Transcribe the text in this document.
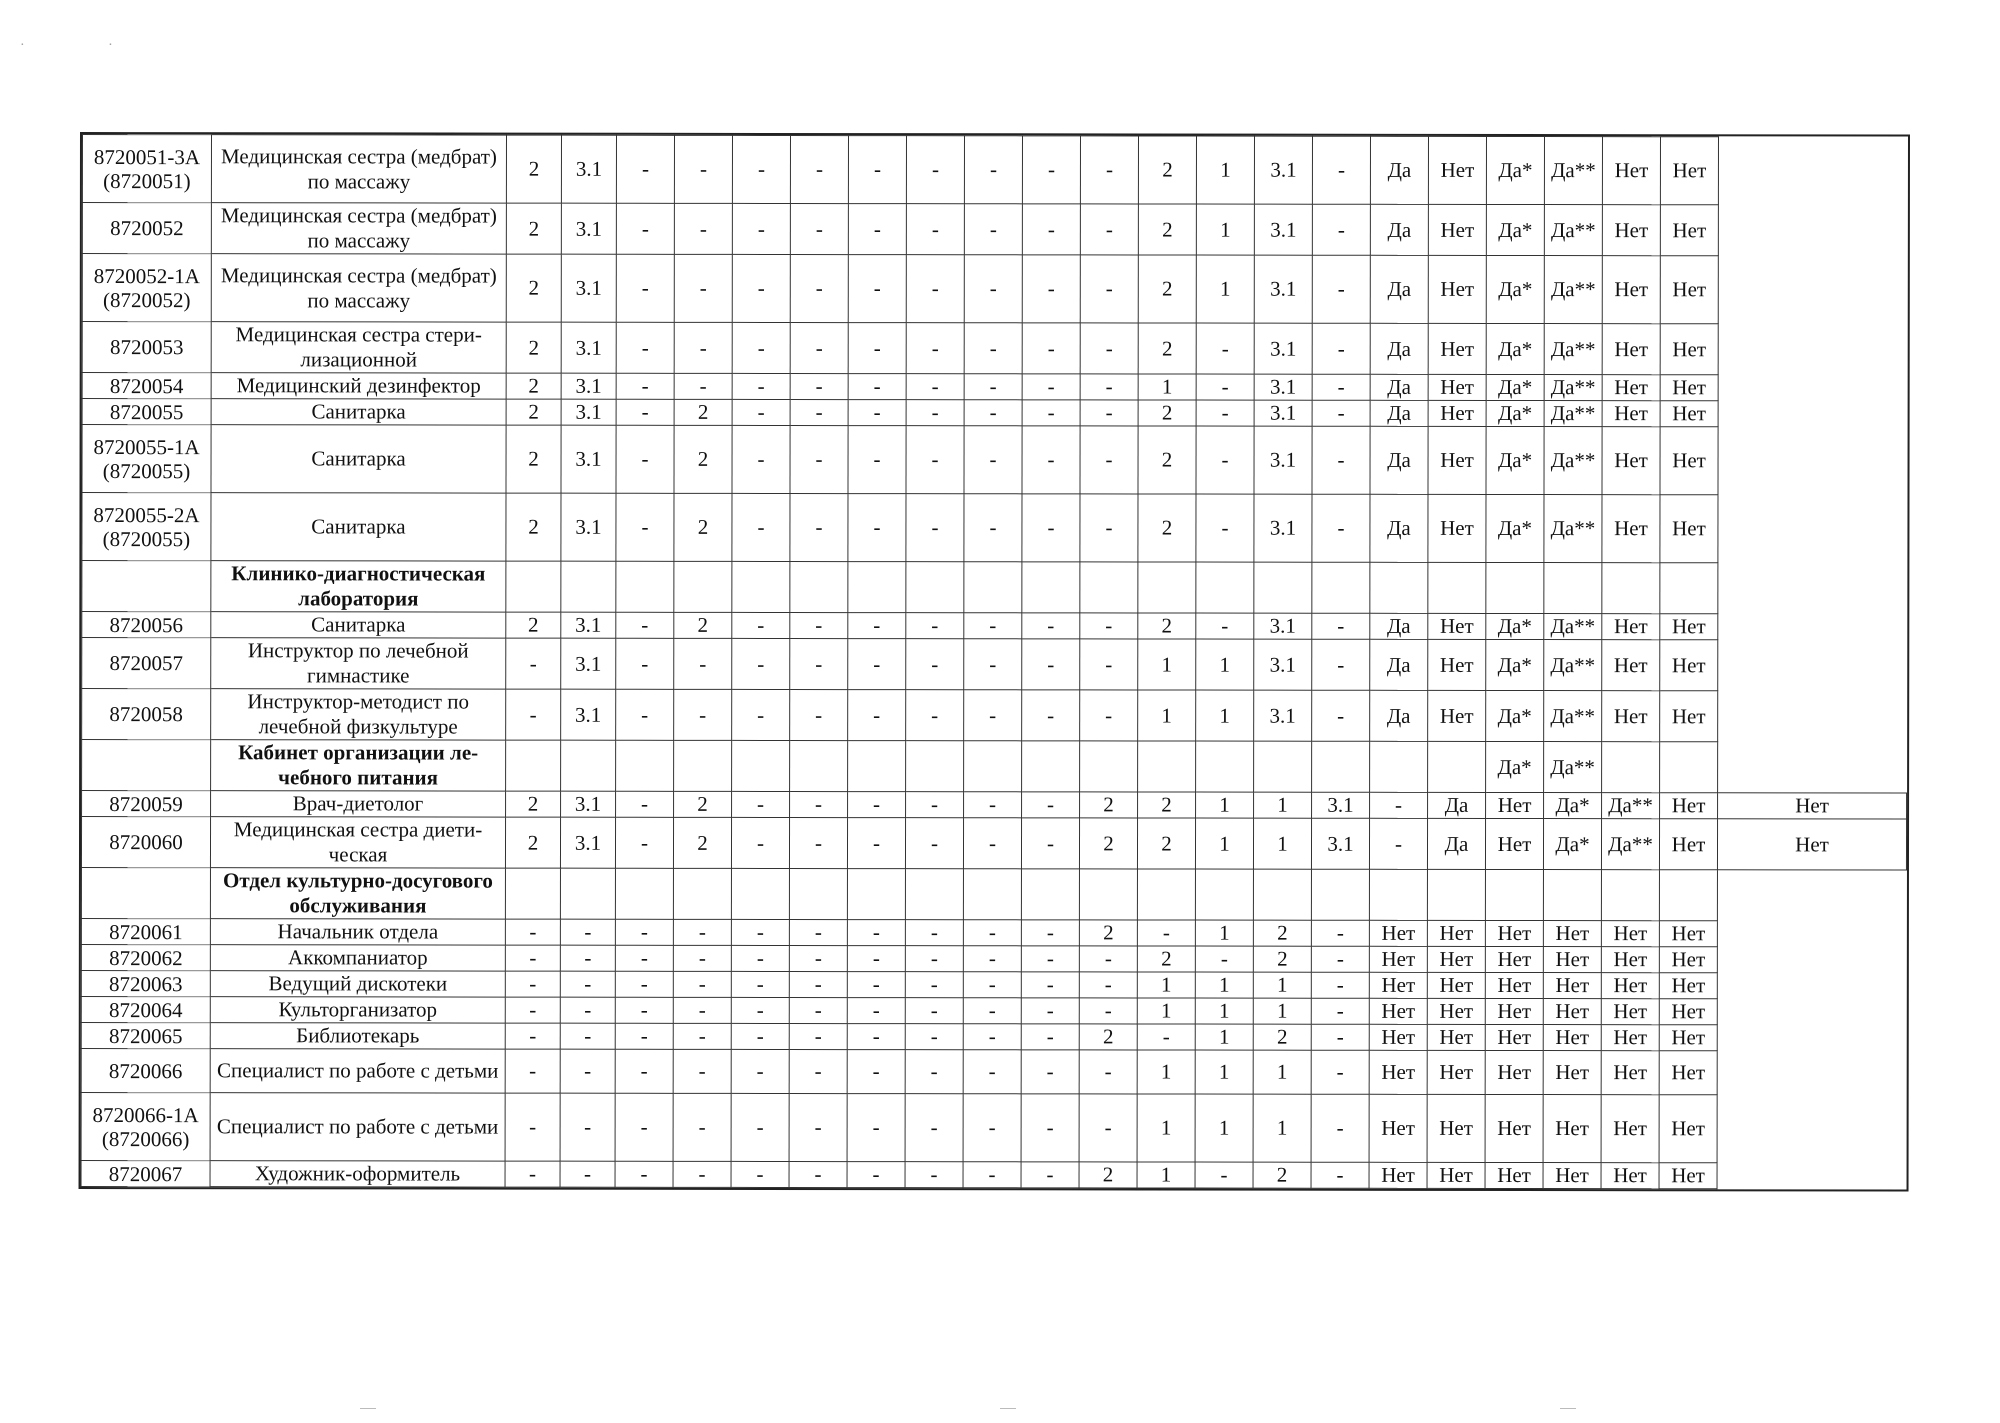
· ·
8720051-3А (8720051)	Медицинская сестра (медбрат) по массажу	2	3.1	-	-	-	-	-	-	-	-	-	2	1	3.1	-	Да	Нет	Да*	Да**	Нет	Нет	
8720052	Медицинская сестра (медбрат) по массажу	2	3.1	-	-	-	-	-	-	-	-	-	2	1	3.1	-	Да	Нет	Да*	Да**	Нет	Нет	
8720052-1А (8720052)	Медицинская сестра (медбрат) по массажу	2	3.1	-	-	-	-	-	-	-	-	-	2	1	3.1	-	Да	Нет	Да*	Да**	Нет	Нет	
8720053	Медицинская сестра стери-лизационной	2	3.1	-	-	-	-	-	-	-	-	-	2	-	3.1	-	Да	Нет	Да*	Да**	Нет	Нет	
8720054	Медицинский дезинфектор	2	3.1	-	-	-	-	-	-	-	-	-	1	-	3.1	-	Да	Нет	Да*	Да**	Нет	Нет	
8720055	Санитарка	2	3.1	-	2	-	-	-	-	-	-	-	2	-	3.1	-	Да	Нет	Да*	Да**	Нет	Нет	
8720055-1А (8720055)	Санитарка	2	3.1	-	2	-	-	-	-	-	-	-	2	-	3.1	-	Да	Нет	Да*	Да**	Нет	Нет	
8720055-2А (8720055)	Санитарка	2	3.1	-	2	-	-	-	-	-	-	-	2	-	3.1	-	Да	Нет	Да*	Да**	Нет	Нет	
	Клинико-диагностическая лаборатория																						
8720056	Санитарка	2	3.1	-	2	-	-	-	-	-	-	-	2	-	3.1	-	Да	Нет	Да*	Да**	Нет	Нет	
8720057	Инструктор по лечебной гимнастике	-	3.1	-	-	-	-	-	-	-	-	-	1	1	3.1	-	Да	Нет	Да*	Да**	Нет	Нет	
8720058	Инструктор-методист по лечебной физкультуре	-	3.1	-	-	-	-	-	-	-	-	-	1	1	3.1	-	Да	Нет	Да*	Да**	Нет	Нет	
	Кабинет организации ле-чебного питания																		Да*	Да**			
8720059	Врач-диетолог	2	3.1	-	2	-	-	-	-	-	-	2	2	1	1	3.1	-	Да	Нет	Да*	Да**	Нет	Нет
8720060	Медицинская сестра диети-ческая	2	3.1	-	2	-	-	-	-	-	-	2	2	1	1	3.1	-	Да	Нет	Да*	Да**	Нет	Нет
	Отдел культурно-досугового обслуживания																						
8720061	Начальник отдела	-	-	-	-	-	-	-	-	-	-	2	-	1	2	-	Нет	Нет	Нет	Нет	Нет	Нет	
8720062	Аккомпаниатор	-	-	-	-	-	-	-	-	-	-	-	2	-	2	-	Нет	Нет	Нет	Нет	Нет	Нет	
8720063	Ведущий дискотеки	-	-	-	-	-	-	-	-	-	-	-	1	1	1	-	Нет	Нет	Нет	Нет	Нет	Нет	
8720064	Культорганизатор	-	-	-	-	-	-	-	-	-	-	-	1	1	1	-	Нет	Нет	Нет	Нет	Нет	Нет	
8720065	Библиотекарь	-	-	-	-	-	-	-	-	-	-	2	-	1	2	-	Нет	Нет	Нет	Нет	Нет	Нет	
8720066	Специалист по работе с детьми	-	-	-	-	-	-	-	-	-	-	-	1	1	1	-	Нет	Нет	Нет	Нет	Нет	Нет	
8720066-1А (8720066)	Специалист по работе с детьми	-	-	-	-	-	-	-	-	-	-	-	1	1	1	-	Нет	Нет	Нет	Нет	Нет	Нет	
8720067	Художник-оформитель	-	-	-	-	-	-	-	-	-	-	2	1	-	2	-	Нет	Нет	Нет	Нет	Нет	Нет	
